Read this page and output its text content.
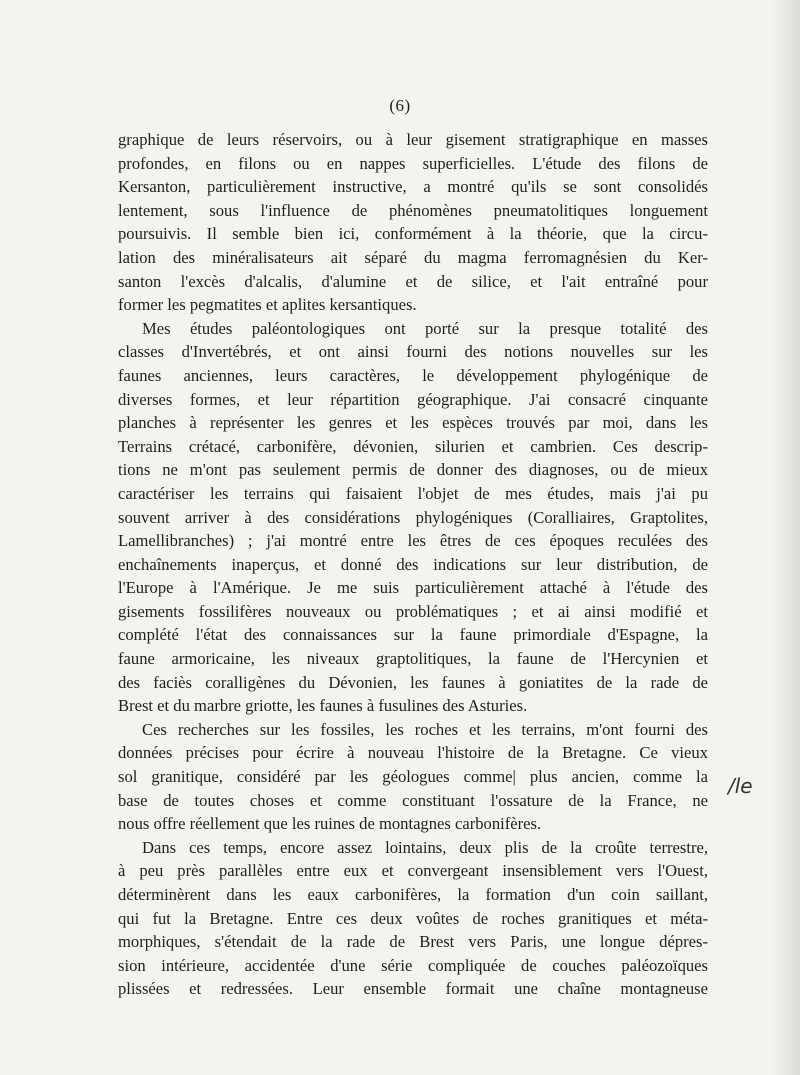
(6)

graphique de leurs réservoirs, ou à leur gisement stratigraphique en masses
profondes, en filons ou en nappes superficielles. L'étude des filons de
Kersanton, particulièrement instructive, a montré qu'ils se sont consolidés
lentement, sous l'influence de phénomènes pneumatolitiques longuement
poursuivis. Il semble bien ici, conformément à la théorie, que la circu-
lation des minéralisateurs ait séparé du magma ferromagnésien du Ker-
santon l'excès d'alcalis, d'alumine et de silice, et l'ait entraîné pour
former les pegmatites et aplites kersantiques.

Mes études paléontologiques ont porté sur la presque totalité des
classes d'Invertébrés, et ont ainsi fourni des notions nouvelles sur les
faunes anciennes, leurs caractères, le développement phylogénique de
diverses formes, et leur répartition géographique. J'ai consacré cinquante
planches à représenter les genres et les espèces trouvés par moi, dans les
Terrains crétacé, carbonifère, dévonien, silurien et cambrien. Ces descrip-
tions ne m'ont pas seulement permis de donner des diagnoses, ou de mieux
caractériser les terrains qui faisaient l'objet de mes études, mais j'ai pu
souvent arriver à des considérations phylogéniques (Coralliaires, Graptolites,
Lamellibranches) ; j'ai montré entre les êtres de ces époques reculées des
enchaînements inaperçus, et donné des indications sur leur distribution, de
l'Europe à l'Amérique. Je me suis particulièrement attaché à l'étude des
gisements fossilifères nouveaux ou problématiques ; et ai ainsi modifié et
complété l'état des connaissances sur la faune primordiale d'Espagne, la
faune armoricaine, les niveaux graptolitiques, la faune de l'Hercynien et
des faciès coralligènes du Dévonien, les faunes à goniatites de la rade de
Brest et du marbre griotte, les faunes à fusulines des Asturies.

Ces recherches sur les fossiles, les roches et les terrains, m'ont fourni des
données précises pour écrire à nouveau l'histoire de la Bretagne. Ce vieux
sol granitique, considéré par les géologues comme| plus ancien, comme la
base de toutes choses et comme constituant l'ossature de la France, ne
nous offre réellement que les ruines de montagnes carbonifères.

Dans ces temps, encore assez lointains, deux plis de la croûte terrestre,
à peu près parallèles entre eux et convergeant insensiblement vers l'Ouest,
déterminèrent dans les eaux carbonifères, la formation d'un coin saillant,
qui fut la Bretagne. Entre ces deux voûtes de roches granitiques et méta-
morphiques, s'étendait de la rade de Brest vers Paris, une longue dépres-
sion intérieure, accidentée d'une série compliquée de couches paléozoïques
plissées et redressées. Leur ensemble formait une chaîne montagneuse

/le
